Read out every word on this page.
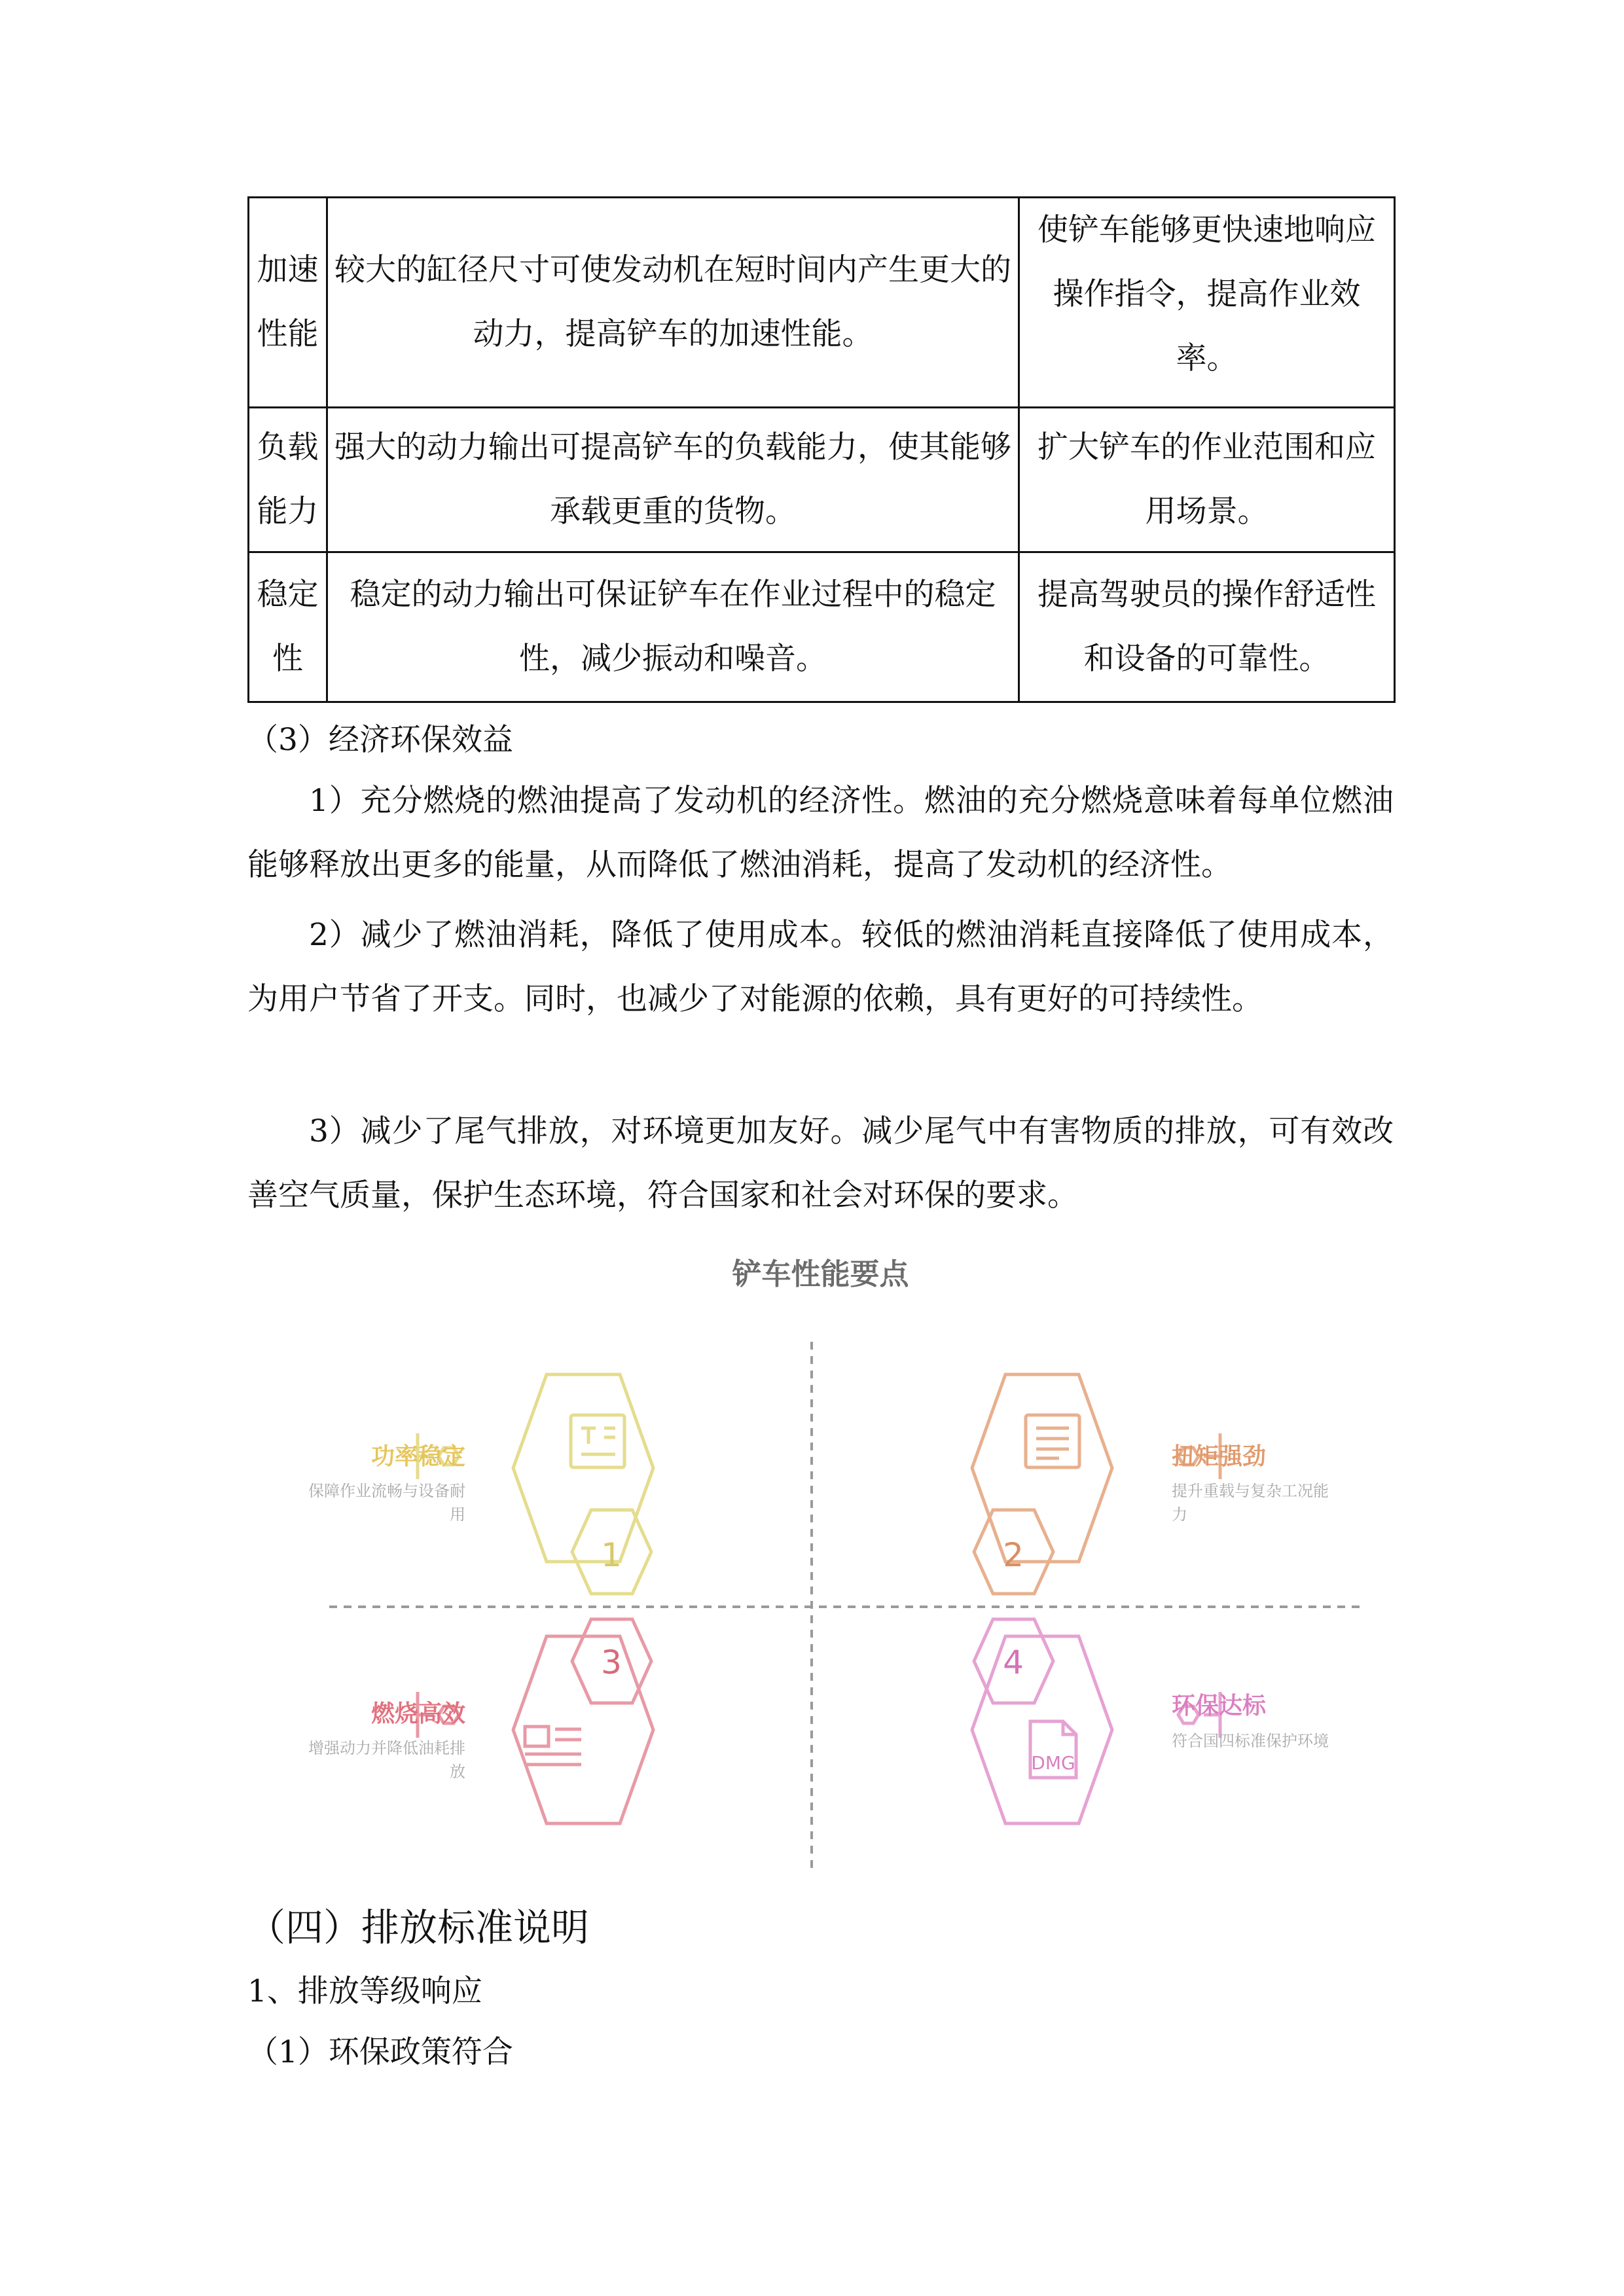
加速性能	较大的缸径尺寸可使发动机在短时间内产生更大的动力，提高铲车的加速性能。	使铲车能够更快速地响应操作指令，提高作业效率。
负载能力	强大的动力输出可提高铲车的负载能力，使其能够承载更重的货物。	扩大铲车的作业范围和应用场景。
稳定性	稳定的动力输出可保证铲车在作业过程中的稳定性，减少振动和噪音。	提高驾驶员的操作舒适性和设备的可靠性。

（3）经济环保效益

1）充分燃烧的燃油提高了发动机的经济性。燃油的充分燃烧意味着每单位燃油能够释放出更多的能量，从而降低了燃油消耗，提高了发动机的经济性。

2）减少了燃油消耗，降低了使用成本。较低的燃油消耗直接降低了使用成本，为用户节省了开支。同时，也减少了对能源的依赖，具有更好的可持续性。

3）减少了尾气排放，对环境更加友好。减少尾气中有害物质的排放，可有效改善空气质量，保护生态环境，符合国家和社会对环保的要求。

1	2
3	4
DMG
铲车性能要点
功率稳定
保障作业流畅与设备耐
用
扭矩强劲
提升重载与复杂工况能
力
燃烧高效
增强动力并降低油耗排
放
环保达标
符合国四标准保护环境

（四）排放标准说明

1、排放等级响应

（1）环保政策符合
